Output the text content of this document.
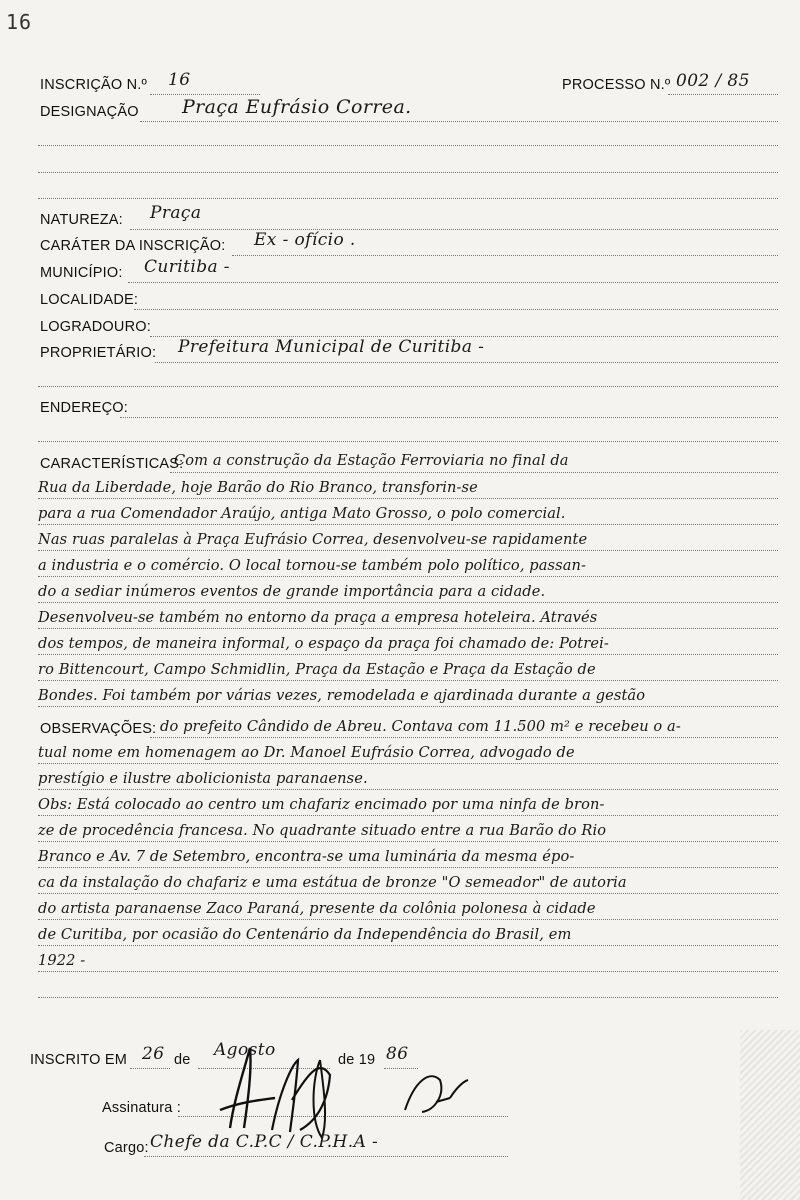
16
INSCRIÇÃO N.º 16	PROCESSO N.º 002 / 85
DESIGNAÇÃO Praça Eufrásio Correa.
NATUREZA: Praça
CARÁTER DA INSCRIÇÃO: Ex - ofício .
MUNICÍPIO: Curitiba -
LOCALIDADE:
LOGRADOURO:
PROPRIETÁRIO: Prefeitura Municipal de Curitiba -
ENDEREÇO:
CARACTERÍSTICAS:
Com a construção da Estação Ferroviaria no final da
Rua da Liberdade, hoje Barão do Rio Branco, transforin-se
para a rua Comendador Araújo, antiga Mato Grosso, o polo comercial.
Nas ruas paralelas à Praça Eufrásio Correa, desenvolveu-se rapidamente
a industria e o comércio. O local tornou-se também polo político, passan-
do a sediar inúmeros eventos de grande importância para a cidade.
Desenvolveu-se também no entorno da praça a empresa hoteleira. Através
dos tempos, de maneira informal, o espaço da praça foi chamado de: Potrei-
ro Bittencourt, Campo Schmidlin, Praça da Estação e Praça da Estação de
Bondes. Foi também por várias vezes, remodelada e ajardinada durante a gestão
OBSERVAÇÕES: do prefeito Cândido de Abreu. Contava com 11.500 m² e recebeu o a-
tual nome em homenagem ao Dr. Manoel Eufrásio Correa, advogado de
prestígio e ilustre abolicionista paranaense.
Obs: Está colocado ao centro um chafariz encimado por uma ninfa de bron-
ze de procedência francesa. No quadrante situado entre a rua Barão do Rio
Branco e Av. 7 de Setembro, encontra-se uma luminária da mesma épo-
ca da instalação do chafariz e uma estátua de bronze "O semeador" de autoria
do artista paranaense Zaco Paraná, presente da colônia polonesa à cidade
de Curitiba, por ocasião do Centenário da Independência do Brasil, em
1922 -
INSCRITO EM 26 de Agosto	de 19 86
Assinatura :
Cargo: Chefe da C.P.C / C.P.H.A -
